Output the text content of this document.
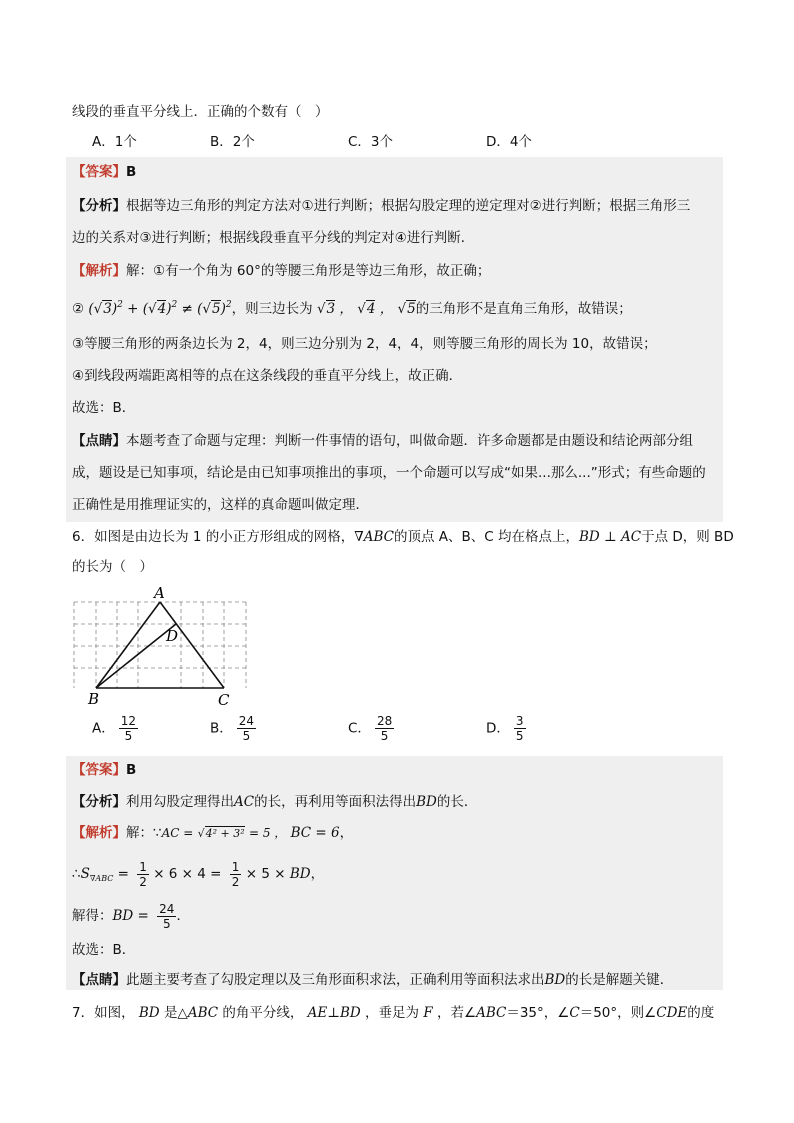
线段的垂直平分线上．正确的个数有（　）
A．1个	B．2个	C．3个	D．4个
【答案】B
【分析】根据等边三角形的判定方法对①进行判断；根据勾股定理的逆定理对②进行判断；根据三角形三
边的关系对③进行判断；根据线段垂直平分线的判定对④进行判断．
【解析】解：①有一个角为 60°的等腰三角形是等边三角形，故正确；
② $(√3)^2 + (√4)^2 \ne (√5)^2$，则三边长为 √3 ， √4 ， √5的三角形不是直角三角形，故错误；
③等腰三角形的两条边长为 2，4，则三边分别为 2，4，4，则等腰三角形的周长为 10，故错误；
④到线段两端距离相等的点在这条线段的垂直平分线上，故正确．
故选：B．
【点睛】本题考查了命题与定理：判断一件事情的语句，叫做命题．许多命题都是由题设和结论两部分组
成，题设是已知事项，结论是由已知事项推出的事项，一个命题可以写成“如果...那么...”形式；有些命题的
正确性是用推理证实的，这样的真命题叫做定理．
6．如图是由边长为 1 的小正方形组成的网格，∇ABC的顶点 A、B、C 均在格点上，BD ⊥ AC于点 D，则 BD
的长为（　）
A
B	C
D
A． $\frac{12}{5}$	B． $\frac{24}{5}$	C． $\frac{28}{5}$	D． $\frac{3}{5}$
【答案】B
【分析】利用勾股定理得出AC的长，再利用等面积法得出BD的长．
【解析】解：∵AC = √4² + 3² = 5 ， BC = 6，
$\therefore S_{\nabla ABC} = \frac{1}{2} \times 6 \times 4 = \frac{1}{2} \times 5$ × BD，
解得：BD = $\frac{24}{5}$ ．
故选：B．
【点睛】此题主要考查了勾股定理以及三角形面积求法，正确利用等面积法求出BD的长是解题关键．
7．如图， BD 是△ABC 的角平分线， AE⊥BD ，垂足为 F ，若∠ABC＝35°，∠C＝50°，则∠CDE的度
